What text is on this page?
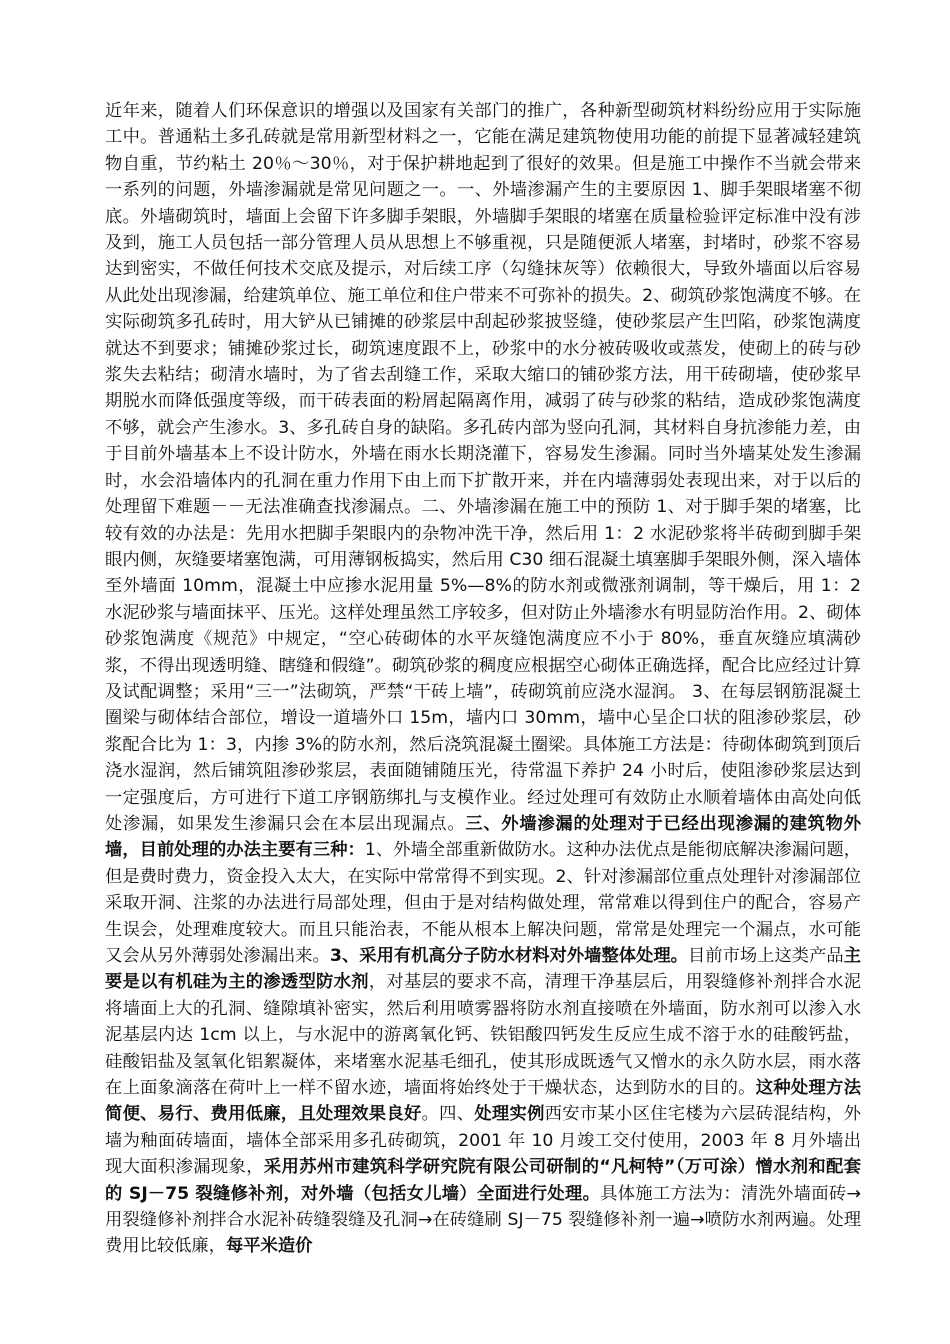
近年来，随着人们环保意识的增强以及国家有关部门的推广，各种新型砌筑材料纷纷应用于实际施工中。普通粘土多孔砖就是常用新型材料之一，它能在满足建筑物使用功能的前提下显著减轻建筑物自重，节约粘土 20％～30％，对于保护耕地起到了很好的效果。但是施工中操作不当就会带来一系列的问题，外墙渗漏就是常见问题之一。一、外墙渗漏产生的主要原因 1、脚手架眼堵塞不彻底。外墙砌筑时，墙面上会留下许多脚手架眼，外墙脚手架眼的堵塞在质量检验评定标准中没有涉及到，施工人员包括一部分管理人员从思想上不够重视，只是随便派人堵塞，封堵时，砂浆不容易达到密实，不做任何技术交底及提示，对后续工序（勾缝抹灰等）依赖很大，导致外墙面以后容易从此处出现渗漏，给建筑单位、施工单位和住户带来不可弥补的损失。2、砌筑砂浆饱满度不够。在实际砌筑多孔砖时，用大铲从已铺摊的砂浆层中刮起砂浆披竖缝，使砂浆层产生凹陷，砂浆饱满度就达不到要求；铺摊砂浆过长，砌筑速度跟不上，砂浆中的水分被砖吸收或蒸发，使砌上的砖与砂浆失去粘结；砌清水墙时，为了省去刮缝工作，采取大缩口的铺砂浆方法，用干砖砌墙，使砂浆早期脱水而降低强度等级，而干砖表面的粉屑起隔离作用，减弱了砖与砂浆的粘结，造成砂浆饱满度不够，就会产生渗水。3、多孔砖自身的缺陷。多孔砖内部为竖向孔洞，其材料自身抗渗能力差，由于目前外墙基本上不设计防水，外墙在雨水长期浇灌下，容易发生渗漏。同时当外墙某处发生渗漏时，水会沿墙体内的孔洞在重力作用下由上而下扩散开来，并在内墙薄弱处表现出来，对于以后的处理留下难题－－无法准确查找渗漏点。二、外墙渗漏在施工中的预防 1、对于脚手架的堵塞，比较有效的办法是：先用水把脚手架眼内的杂物冲洗干净，然后用 1：2 水泥砂浆将半砖砌到脚手架眼内侧，灰缝要堵塞饱满，可用薄钢板捣实，然后用 C30 细石混凝土填塞脚手架眼外侧，深入墙体至外墙面 10mm，混凝土中应掺水泥用量 5%—8%的防水剂或微涨剂调制，等干燥后，用 1：2 水泥砂浆与墙面抹平、压光。这样处理虽然工序较多，但对防止外墙渗水有明显防治作用。2、砌体砂浆饱满度《规范》中规定，“空心砖砌体的水平灰缝饱满度应不小于 80%，垂直灰缝应填满砂浆，不得出现透明缝、瞎缝和假缝”。砌筑砂浆的稠度应根据空心砌体正确选择，配合比应经过计算及试配调整；采用“三一”法砌筑，严禁“干砖上墙”，砖砌筑前应浇水湿润。 3、在每层钢筋混凝土圈梁与砌体结合部位，增设一道墙外口 15m，墙内口 30mm，墙中心呈企口状的阻渗砂浆层，砂浆配合比为 1：3，内掺 3%的防水剂，然后浇筑混凝土圈梁。具体施工方法是：待砌体砌筑到顶后浇水湿润，然后铺筑阻渗砂浆层，表面随铺随压光，待常温下养护 24 小时后，使阻渗砂浆层达到一定强度后，方可进行下道工序钢筋绑扎与支模作业。经过处理可有效防止水顺着墙体由高处向低处渗漏，如果发生渗漏只会在本层出现漏点。三、外墙渗漏的处理对于已经出现渗漏的建筑物外墙，目前处理的办法主要有三种：1、外墙全部重新做防水。这种办法优点是能彻底解决渗漏问题，但是费时费力，资金投入太大，在实际中常常得不到实现。2、针对渗漏部位重点处理针对渗漏部位采取开洞、注浆的办法进行局部处理，但由于是对结构做处理，常常难以得到住户的配合，容易产生误会，处理难度较大。而且只能治表，不能从根本上解决问题，常常是处理完一个漏点，水可能又会从另外薄弱处渗漏出来。3、采用有机高分子防水材料对外墙整体处理。目前市场上这类产品主要是以有机硅为主的渗透型防水剂，对基层的要求不高，清理干净基层后，用裂缝修补剂拌合水泥将墙面上大的孔洞、缝隙填补密实，然后利用喷雾器将防水剂直接喷在外墙面，防水剂可以渗入水泥基层内达 1cm 以上，与水泥中的游离氧化钙、铁铝酸四钙发生反应生成不溶于水的硅酸钙盐，硅酸铝盐及氢氧化铝絮凝体，来堵塞水泥基毛细孔，使其形成既透气又憎水的永久防水层，雨水落在上面象滴落在荷叶上一样不留水迹，墙面将始终处于干燥状态，达到防水的目的。这种处理方法简便、易行、费用低廉，且处理效果良好。四、处理实例西安市某小区住宅楼为六层砖混结构，外墙为釉面砖墙面，墙体全部采用多孔砖砌筑，2001 年 10 月竣工交付使用，2003 年 8 月外墙出现大面积渗漏现象，采用苏州市建筑科学研究院有限公司研制的“凡柯特”（万可涂）憎水剂和配套的 SJ－75 裂缝修补剂，对外墙（包括女儿墙）全面进行处理。具体施工方法为：清洗外墙面砖→用裂缝修补剂拌合水泥补砖缝裂缝及孔洞→在砖缝刷 SJ－75 裂缝修补剂一遍→喷防水剂两遍。处理费用比较低廉，每平米造价
